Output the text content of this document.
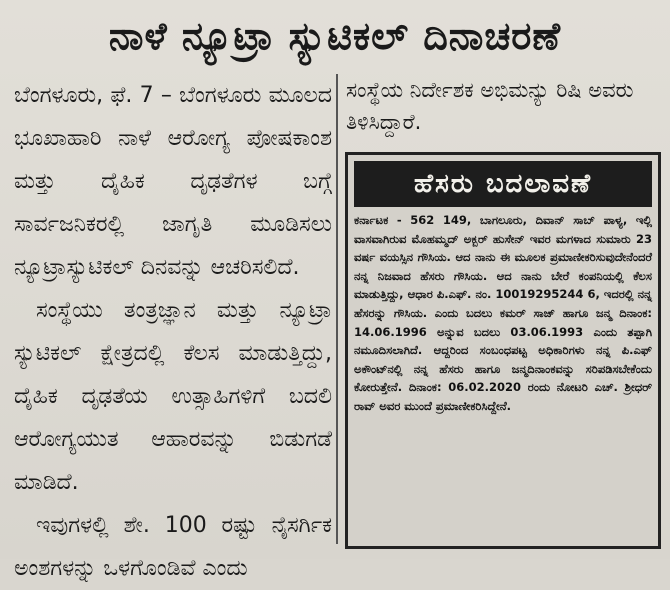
ನಾಳೆ ನ್ಯೂಟ್ರಾ ಸ್ಯುಟಿಕಲ್ ದಿನಾಚರಣೆ

ಬೆಂಗಳೂರು, ಫೆ. 7 – ಬೆಂಗಳೂರು ಮೂಲದ ಭೂಖಾಹಾರಿ ನಾಳೆ ಆರೋಗ್ಯ ಪೋಷಕಾಂಶ ಮತ್ತು ದೈಹಿಕ ದೃಢತೆಗಳ ಬಗ್ಗೆ ಸಾರ್ವಜನಿಕರಲ್ಲಿ ಜಾಗೃತಿ ಮೂಡಿಸಲು ನ್ಯೂಟ್ರಾಸ್ಯುಟಿಕಲ್ ದಿನವನ್ನು ಆಚರಿಸಲಿದೆ.

ಸಂಸ್ಥೆಯು ತಂತ್ರಜ್ಞಾನ ಮತ್ತು ನ್ಯೂಟ್ರಾ ಸ್ಯುಟಿಕಲ್ ಕ್ಷೇತ್ರದಲ್ಲಿ ಕೆಲಸ ಮಾಡುತ್ತಿದ್ದು, ದೈಹಿಕ ದೃಢತೆಯ ಉತ್ಸಾಹಿಗಳಿಗೆ ಬದಲಿ ಆರೋಗ್ಯಯುತ ಆಹಾರವನ್ನು ಬಿಡುಗಡೆ ಮಾಡಿದೆ.

ಇವುಗಳಲ್ಲಿ ಶೇ. 100 ರಷ್ಟು ನೈಸರ್ಗಿಕ ಅಂಶಗಳನ್ನು ಒಳಗೊಂಡಿವೆ ಎಂದು

ಸಂಸ್ಥೆಯ ನಿರ್ದೇಶಕ ಅಭಿಮನ್ಯು ರಿಷಿ ಅವರು ತಿಳಿಸಿದ್ದಾರೆ.
ಹೆಸರು ಬದಲಾವಣೆ
ಕರ್ನಾಟಕ - 562 149, ಬಾಗಲೂರು, ದಿವಾನ್ ಸಾಬ್ ಪಾಳ್ಯ, ಇಲ್ಲಿ ವಾಸವಾಗಿರುವ ಮೊಹಮ್ಮದ್ ಅಕ್ಬರ್ ಹುಸೇನ್ ಇವರ ಮಗಳಾದ ಸುಮಾರು 23 ವರ್ಷ ವಯಸ್ಸಿನ ಗೌಸಿಯ. ಆದ ನಾನು ಈ ಮೂಲಕ ಪ್ರಮಾಣೀಕರಿಸುವುದೇನೆಂದರೆ ನನ್ನ ನಿಜವಾದ ಹೆಸರು ಗೌಸಿಯ. ಆದ ನಾನು ಬೇರೆ ಕಂಪನಿಯಲ್ಲಿ ಕೆಲಸ ಮಾಡುತ್ತಿದ್ದು, ಆಧಾರ ಪಿ.ಎಫ್. ನಂ. 10019295244 6, ಇದರಲ್ಲಿ ನನ್ನ ಹೆಸರನ್ನು ಗೌಸಿಯ. ಎಂದು ಬದಲು ಕಮರ್ ಸಾಜ್ ಹಾಗೂ ಜನ್ಮ ದಿನಾಂಕ: 14.06.1996 ಅನ್ನುವ ಬದಲು 03.06.1993 ಎಂದು ತಪ್ಪಾಗಿ ನಮೂದಿಸಲಾಗಿದೆ. ಆದ್ದರಿಂದ ಸಂಬಂಧಪಟ್ಟ ಅಧಿಕಾರಿಗಳು ನನ್ನ ಪಿ.ಎಫ್ ಅಕೌಂಟ್‌ನಲ್ಲಿ ನನ್ನ ಹೆಸರು ಹಾಗೂ ಜನ್ಮದಿನಾಂಕವನ್ನು ಸರಿಪಡಿಸಬೇಕೆಂದು ಕೋರುತ್ತೇನೆ. ದಿನಾಂಕ: 06.02.2020 ರಂದು ನೋಟರಿ ಎಚ್. ಶ್ರೀಧರ್ ರಾವ್ ಅವರ ಮುಂದೆ ಪ್ರಮಾಣೀಕರಿಸಿದ್ದೇನೆ.
